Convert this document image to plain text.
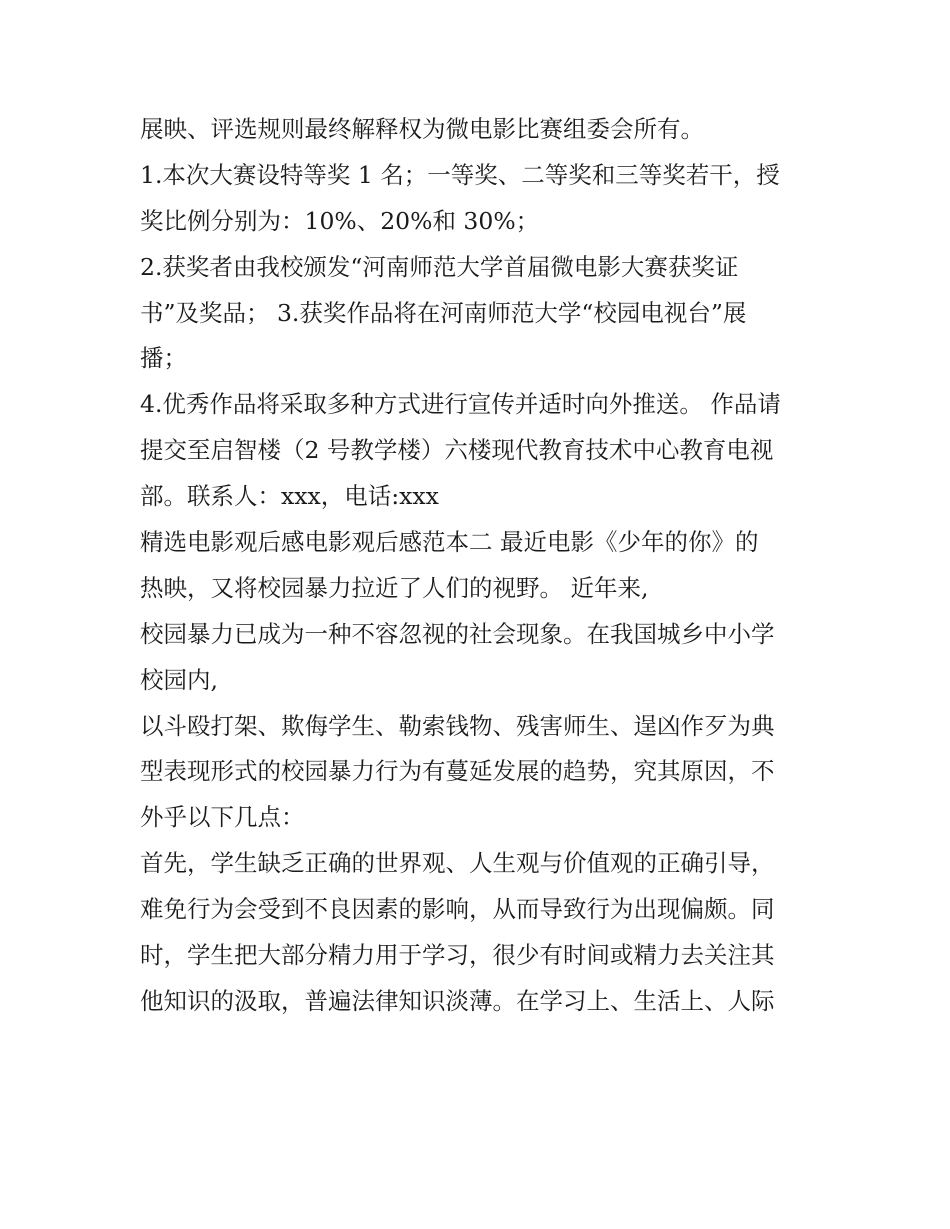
展映、评选规则最终解释权为微电影比赛组委会所有。
1.本次大赛设特等奖 1 名；一等奖、二等奖和三等奖若干，授
奖比例分别为：10%、20%和 30%；
2.获奖者由我校颁发“河南师范大学首届微电影大赛获奖证
书”及奖品； 3.获奖作品将在河南师范大学“校园电视台”展
播；
4.优秀作品将采取多种方式进行宣传并适时向外推送。 作品请
提交至启智楼（2 号教学楼）六楼现代教育技术中心教育电视
部。联系人：xxx，电话:xxx
精选电影观后感电影观后感范本二 最近电影《少年的你》的
热映，又将校园暴力拉近了人们的视野。 近年来,
校园暴力已成为一种不容忽视的社会现象。在我国城乡中小学
校园内,
以斗殴打架、欺侮学生、勒索钱物、残害师生、逞凶作歹为典
型表现形式的校园暴力行为有蔓延发展的趋势，究其原因，不
外乎以下几点：
首先，学生缺乏正确的世界观、人生观与价值观的正确引导，
难免行为会受到不良因素的影响，从而导致行为出现偏颇。同
时，学生把大部分精力用于学习，很少有时间或精力去关注其
他知识的汲取，普遍法律知识淡薄。在学习上、生活上、人际
